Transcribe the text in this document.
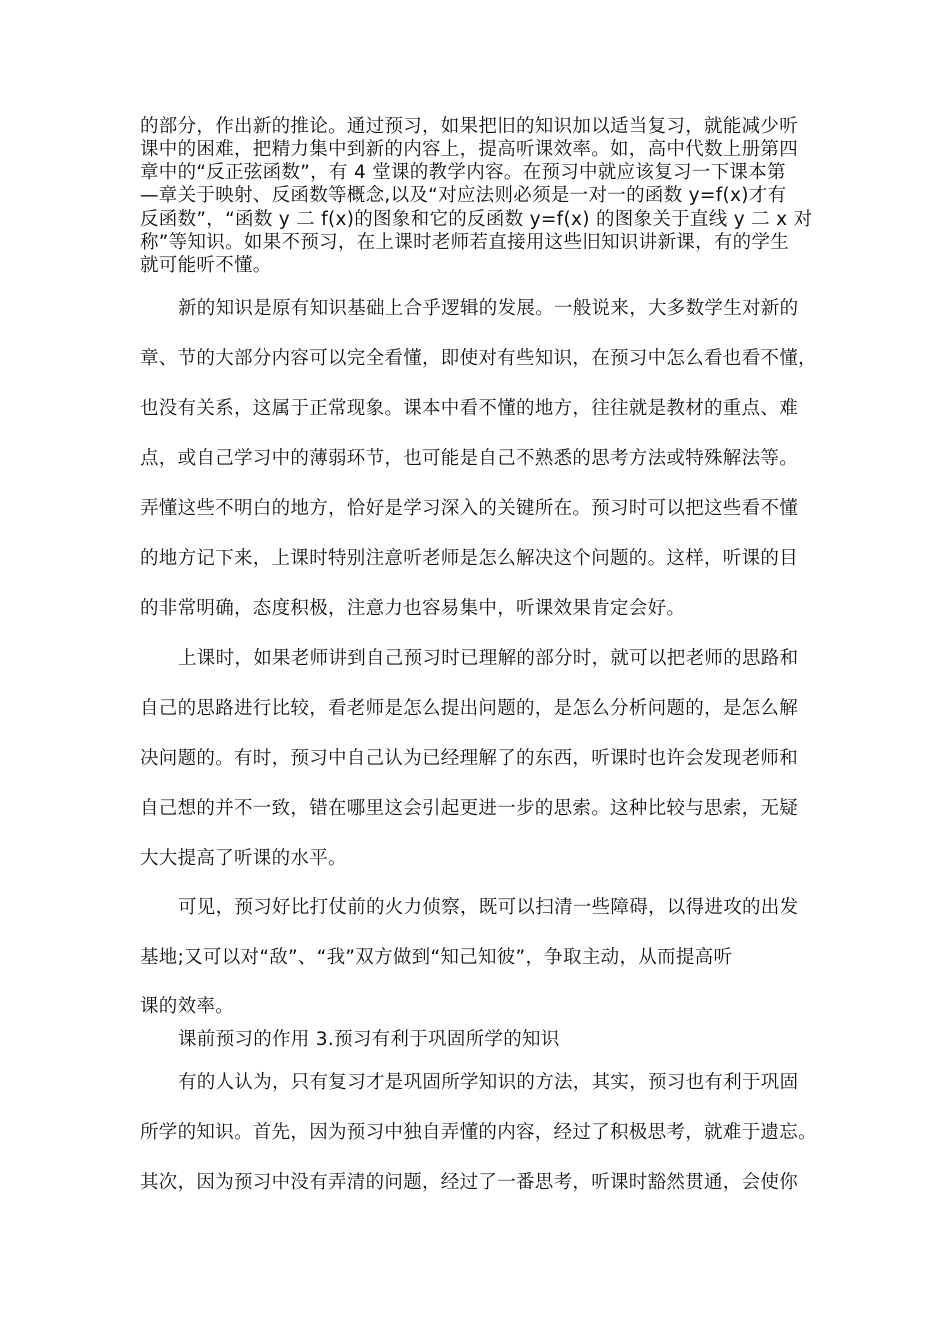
的部分，作出新的推论。通过预习，如果把旧的知识加以适当复习，就能减少听
课中的困难，把精力集中到新的内容上，提高听课效率。如，高中代数上册第四
章中的“反正弦函数”，有 4 堂课的教学内容。在预习中就应该复习一下课本第
—章关于映射、反函数等概念,以及“对应法则必须是一对一的函数 y=f(x)才有
反函数”，“函数 y 二 f(x)的图象和它的反函数 y=f(x) 的图象关于直线 y 二 x 对
称”等知识。如果不预习，在上课时老师若直接用这些旧知识讲新课，有的学生
就可能听不懂。
新的知识是原有知识基础上合乎逻辑的发展。一般说来，大多数学生对新的
章、节的大部分内容可以完全看懂，即使对有些知识，在预习中怎么看也看不懂，
也没有关系，这属于正常现象。课本中看不懂的地方，往往就是教材的重点、难
点，或自己学习中的薄弱环节，也可能是自己不熟悉的思考方法或特殊解法等。
弄懂这些不明白的地方，恰好是学习深入的关键所在。预习时可以把这些看不懂
的地方记下来，上课时特别注意听老师是怎么解决这个问题的。这样，听课的目
的非常明确，态度积极，注意力也容易集中，听课效果肯定会好。
上课时，如果老师讲到自己预习时已理解的部分时，就可以把老师的思路和
自己的思路进行比较，看老师是怎么提出问题的，是怎么分析问题的，是怎么解
决问题的。有时，预习中自己认为已经理解了的东西，听课时也许会发现老师和
自己想的并不一致，错在哪里这会引起更进一步的思索。这种比较与思索，无疑
大大提高了听课的水平。
可见，预习好比打仗前的火力侦察，既可以扫清一些障碍，以得进攻的出发
基地;又可以对“敌”、“我”双方做到“知己知彼”，争取主动，从而提高听
课的效率。
课前预习的作用 3.预习有利于巩固所学的知识
有的人认为，只有复习才是巩固所学知识的方法，其实，预习也有利于巩固
所学的知识。首先，因为预习中独自弄懂的内容，经过了积极思考，就难于遗忘。
其次，因为预习中没有弄清的问题，经过了一番思考，听课时豁然贯通，会使你
